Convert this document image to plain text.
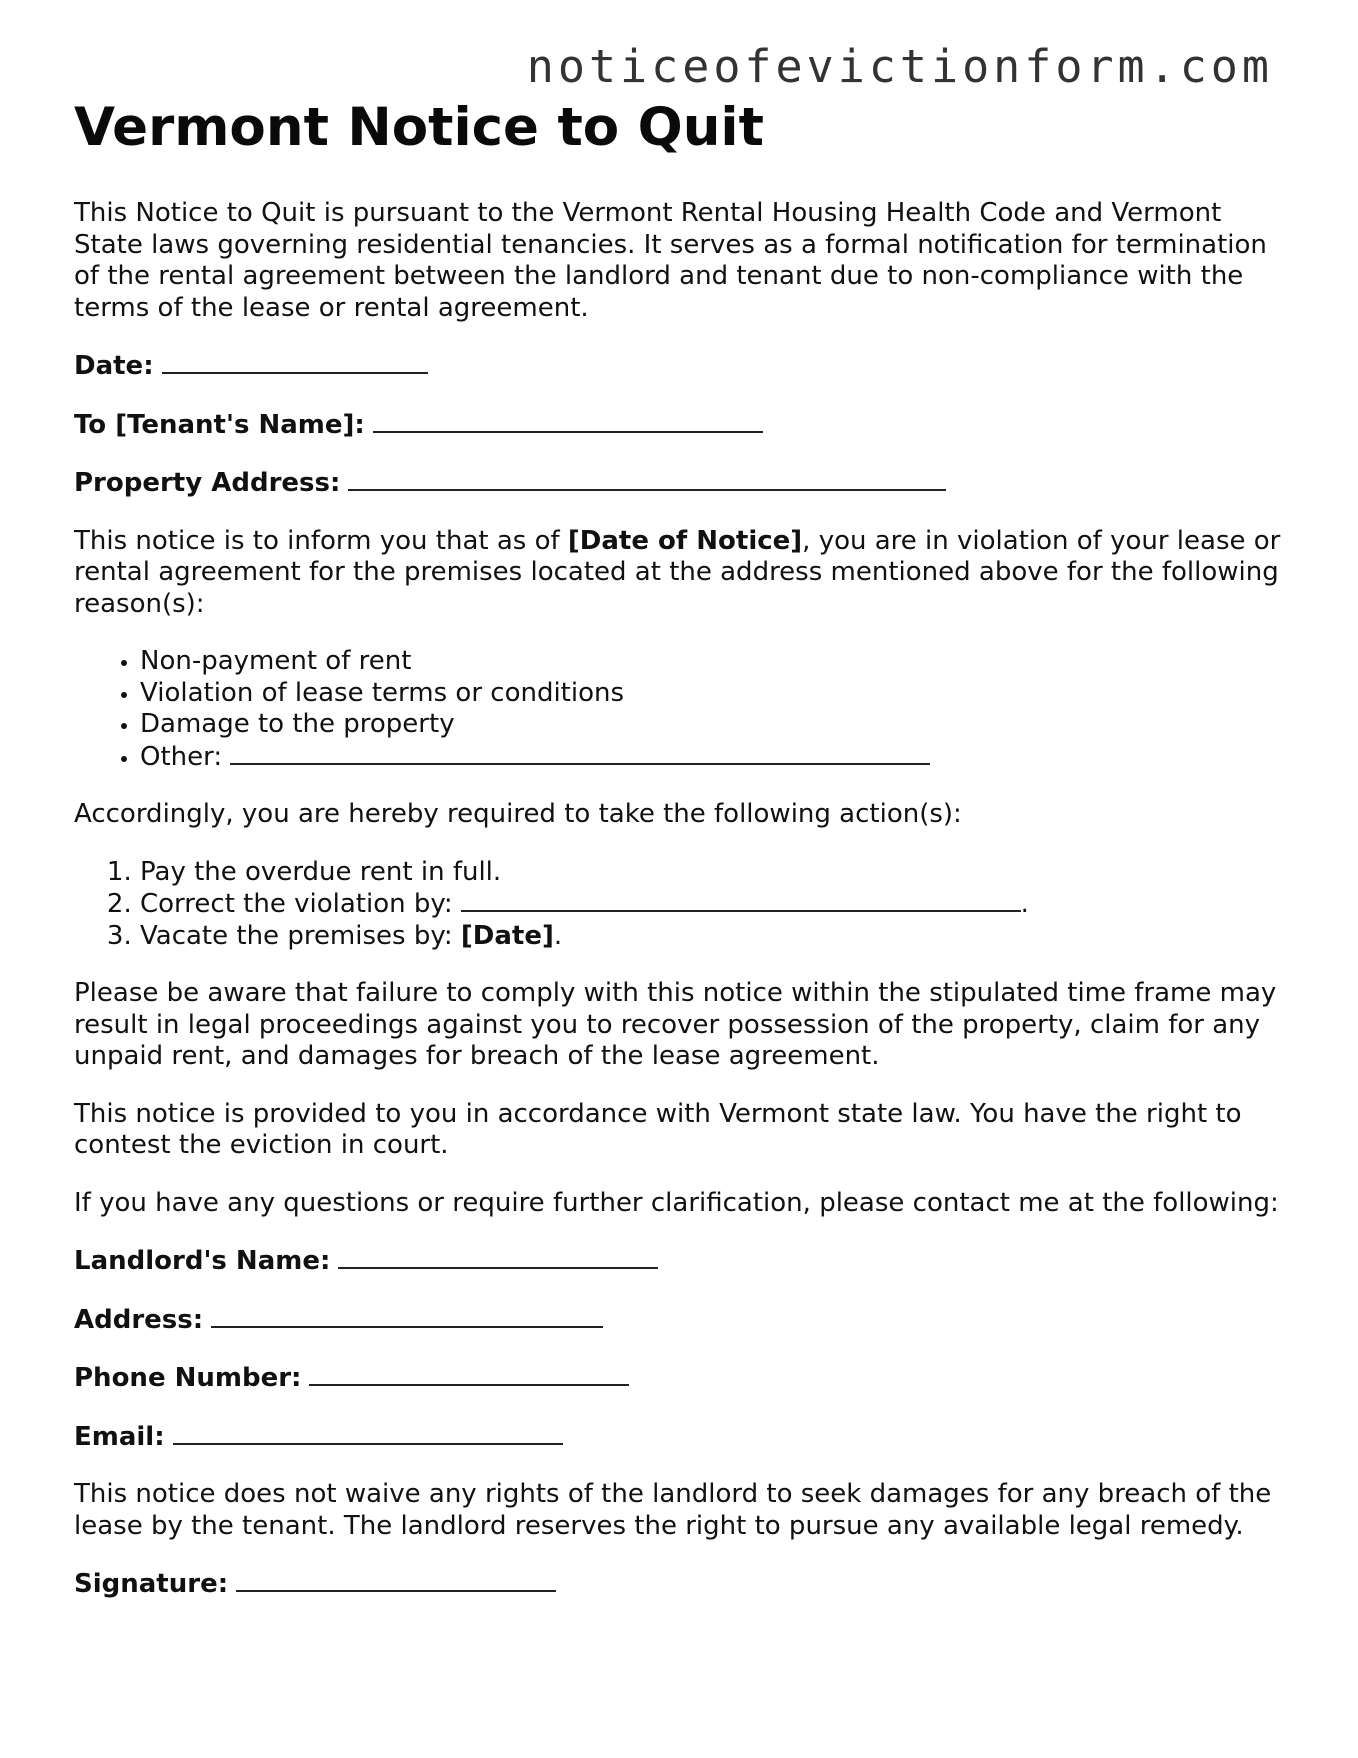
noticeofevictionform.com
Vermont Notice to Quit

This Notice to Quit is pursuant to the Vermont Rental Housing Health Code and Vermont State laws governing residential tenancies. It serves as a formal notification for termination of the rental agreement between the landlord and tenant due to non-compliance with the terms of the lease or rental agreement.

Date:
To [Tenant's Name]:
Property Address:

This notice is to inform you that as of [Date of Notice], you are in violation of your lease or rental agreement for the premises located at the address mentioned above for the following reason(s):

• Non-payment of rent
• Violation of lease terms or conditions
• Damage to the property
• Other:

Accordingly, you are hereby required to take the following action(s):

1. Pay the overdue rent in full.
2. Correct the violation by:	.
3. Vacate the premises by: [Date].

Please be aware that failure to comply with this notice within the stipulated time frame may result in legal proceedings against you to recover possession of the property, claim for any unpaid rent, and damages for breach of the lease agreement.

This notice is provided to you in accordance with Vermont state law. You have the right to contest the eviction in court.

If you have any questions or require further clarification, please contact me at the following:

Landlord's Name:
Address:
Phone Number:
Email:

This notice does not waive any rights of the landlord to seek damages for any breach of the lease by the tenant. The landlord reserves the right to pursue any available legal remedy.

Signature:
